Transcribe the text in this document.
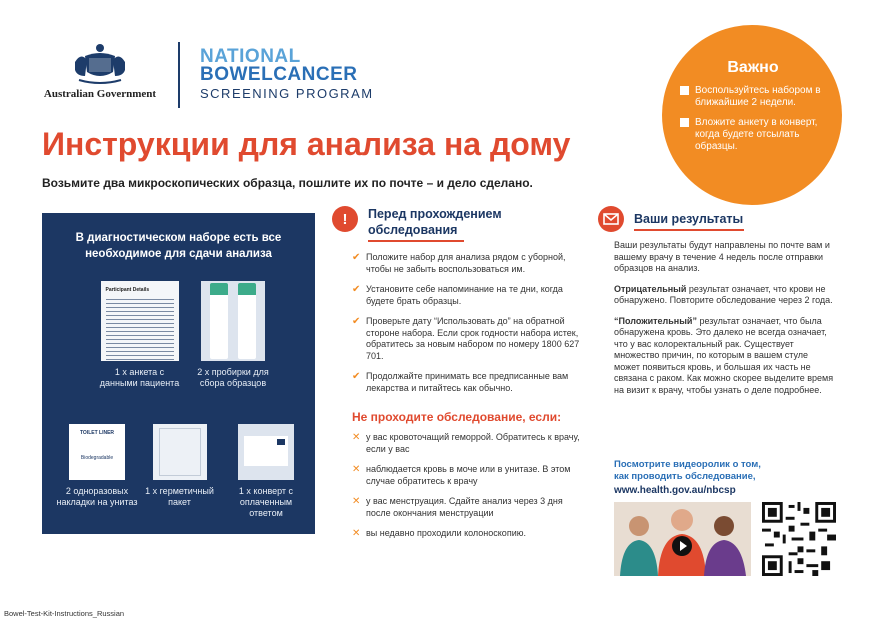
Australian Government
NATIONAL
BOWELCANCER
SCREENING PROGRAM
Инструкции для анализа на дому
Возьмите два микроскопических образца, пошлите их по почте – и дело сделано.
Важно
Воспользуйтесь набором в ближайшие 2 недели.
Вложите анкету в конверт, когда будете отсылать образцы.
В диагностическом наборе есть все необходимое для сдачи анализа
Participant Details
1 х анкета с данными пациента
2 х пробирки для сбора образцов
TOILET LINER
Biodegradable
2 одноразовых накладки на унитаз
1 х герметичный пакет
1 х конверт с оплаченным ответом
!	Перед прохождением
обследования
✔ Положите набор для анализа рядом с уборной, чтобы не забыть воспользоваться им.
✔ Установите себе напоминание на те дни, когда будете брать образцы.
✔ Проверьте дату “Использовать до” на обратной стороне набора. Если срок годности набора истек, обратитесь за новым набором по номеру 1800 627 701.
✔ Продолжайте принимать все предписанные вам лекарства и питайтесь как обычно.
Не проходите обследование, если:
✕ у вас кровоточащий геморрой. Обратитесь к врачу, если у вас
✕ наблюдается кровь в моче или в унитазе. В этом случае обратитесь к врачу
✕ у вас менструация. Сдайте анализ через 3 дня после окончания менструации
✕ вы недавно проходили колоноскопию.
Ваши результаты
Ваши результаты будут направлены по почте вам и вашему врачу в течение 4 недель после отправки образцов на анализ.
Отрицательный результат означает, что крови не обнаружено. Повторите обследование через 2 года.
“Положительный” результат означает, что была обнаружена кровь. Это далеко не всегда означает, что у вас колоректальный рак. Существует множество причин, по которым в вашем стуле может появиться кровь, и большая их часть не связана с раком. Как можно скорее выделите время на визит к врачу, чтобы узнать о деле подробнее.
Посмотрите видеоролик о том,
как проводить обследование,
www.health.gov.au/nbcsp
Bowel-Test-Kit-Instructions_Russian
